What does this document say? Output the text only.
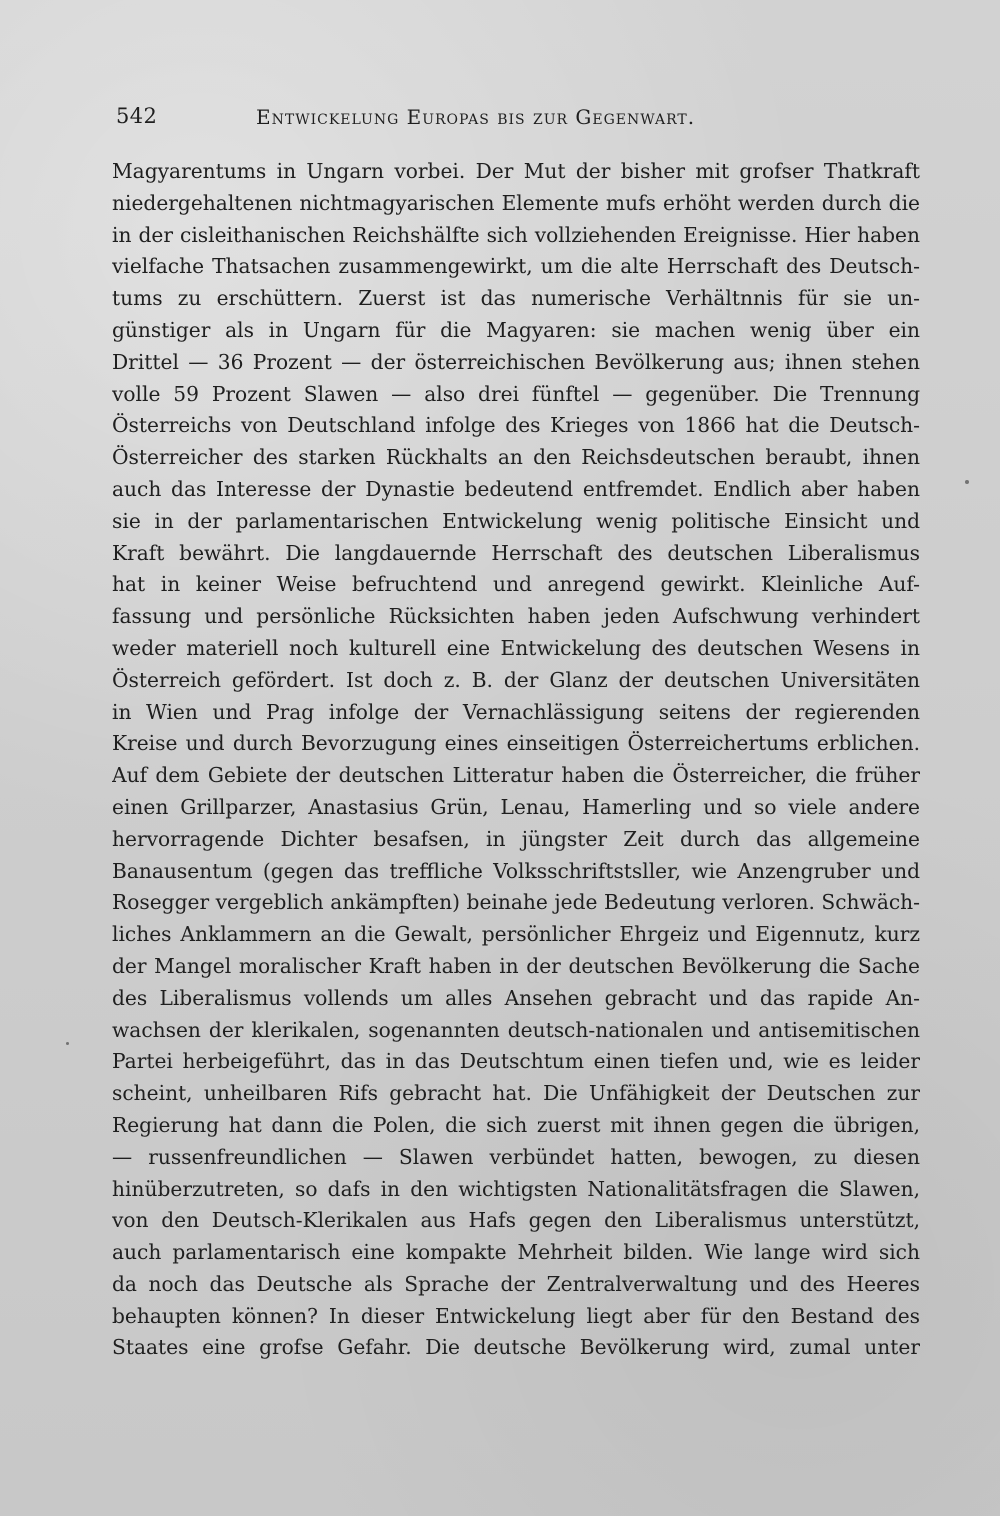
542	Entwickelung Europas bis zur Gegenwart.
Magyarentums in Ungarn vorbei. Der Mut der bisher mit grofser Thatkraft
niedergehaltenen nichtmagyarischen Elemente mufs erhöht werden durch die
in der cisleithanischen Reichshälfte sich vollziehenden Ereignisse. Hier haben
vielfache Thatsachen zusammengewirkt, um die alte Herrschaft des Deutsch-
tums zu erschüttern. Zuerst ist das numerische Verhältnnis für sie un-
günstiger als in Ungarn für die Magyaren: sie machen wenig über ein
Drittel — 36 Prozent — der österreichischen Bevölkerung aus; ihnen stehen
volle 59 Prozent Slawen — also drei fünftel — gegenüber. Die Trennung
Österreichs von Deutschland infolge des Krieges von 1866 hat die Deutsch-
Österreicher des starken Rückhalts an den Reichsdeutschen beraubt, ihnen
auch das Interesse der Dynastie bedeutend entfremdet. Endlich aber haben
sie in der parlamentarischen Entwickelung wenig politische Einsicht und
Kraft bewährt. Die langdauernde Herrschaft des deutschen Liberalismus
hat in keiner Weise befruchtend und anregend gewirkt. Kleinliche Auf-
fassung und persönliche Rücksichten haben jeden Aufschwung verhindert
weder materiell noch kulturell eine Entwickelung des deutschen Wesens in
Österreich gefördert. Ist doch z. B. der Glanz der deutschen Universitäten
in Wien und Prag infolge der Vernachlässigung seitens der regierenden
Kreise und durch Bevorzugung eines einseitigen Österreichertums erblichen.
Auf dem Gebiete der deutschen Litteratur haben die Österreicher, die früher
einen Grillparzer, Anastasius Grün, Lenau, Hamerling und so viele andere
hervorragende Dichter besafsen, in jüngster Zeit durch das allgemeine
Banausentum (gegen das treffliche Volksschriftstsller, wie Anzengruber und
Rosegger vergeblich ankämpften) beinahe jede Bedeutung verloren. Schwäch-
liches Anklammern an die Gewalt, persönlicher Ehrgeiz und Eigennutz, kurz
der Mangel moralischer Kraft haben in der deutschen Bevölkerung die Sache
des Liberalismus vollends um alles Ansehen gebracht und das rapide An-
wachsen der klerikalen, sogenannten deutsch-nationalen und antisemitischen
Partei herbeigeführt, das in das Deutschtum einen tiefen und, wie es leider
scheint, unheilbaren Rifs gebracht hat. Die Unfähigkeit der Deutschen zur
Regierung hat dann die Polen, die sich zuerst mit ihnen gegen die übrigen,
— russenfreundlichen — Slawen verbündet hatten, bewogen, zu diesen
hinüberzutreten, so dafs in den wichtigsten Nationalitätsfragen die Slawen,
von den Deutsch-Klerikalen aus Hafs gegen den Liberalismus unterstützt,
auch parlamentarisch eine kompakte Mehrheit bilden. Wie lange wird sich
da noch das Deutsche als Sprache der Zentralverwaltung und des Heeres
behaupten können? In dieser Entwickelung liegt aber für den Bestand des
Staates eine grofse Gefahr. Die deutsche Bevölkerung wird, zumal unter
